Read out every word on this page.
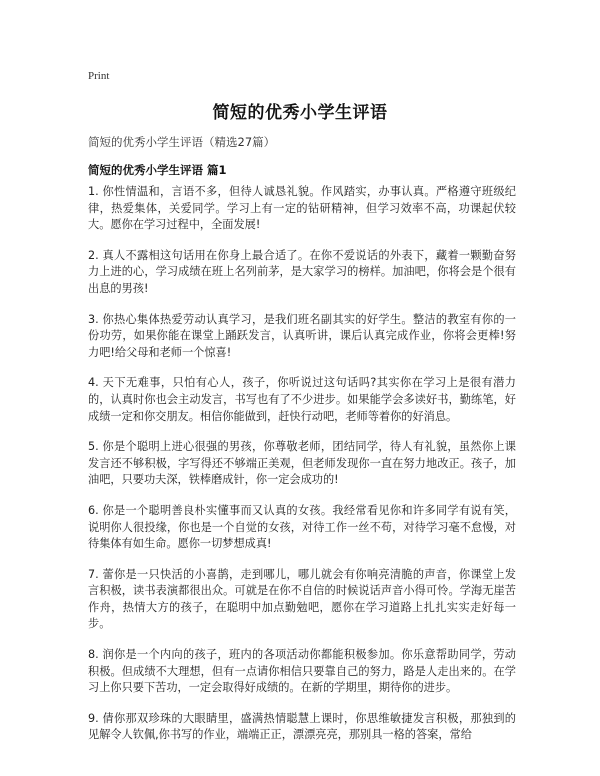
Print
简短的优秀小学生评语
简短的优秀小学生评语（精选27篇）
简短的优秀小学生评语 篇1

1. 你性情温和，言语不多，但待人诚恳礼貌。作风踏实，办事认真。严格遵守班级纪律，热爱集体，关爱同学。学习上有一定的钻研精神，但学习效率不高，功课起伏较大。愿你在学习过程中，全面发展!

2. 真人不露相这句话用在你身上最合适了。在你不爱说话的外表下，藏着一颗勤奋努力上进的心，学习成绩在班上名列前茅，是大家学习的榜样。加油吧，你将会是个很有出息的男孩!

3. 你热心集体热爱劳动认真学习，是我们班名副其实的好学生。整洁的教室有你的一份功劳，如果你能在课堂上踊跃发言，认真听讲，课后认真完成作业，你将会更棒!努力吧!给父母和老师一个惊喜!

4. 天下无难事，只怕有心人，孩子，你听说过这句话吗?其实你在学习上是很有潜力的，认真时你也会主动发言，书写也有了不少进步。如果能学会多读好书，勤练笔，好成绩一定和你交朋友。相信你能做到，赶快行动吧，老师等着你的好消息。

5. 你是个聪明上进心很强的男孩，你尊敬老师，团结同学，待人有礼貌，虽然你上课发言还不够积极，字写得还不够端正美观，但老师发现你一直在努力地改正。孩子，加油吧，只要功夫深，铁棒磨成针，你一定会成功的!

6. 你是一个聪明善良朴实懂事而又认真的女孩。我经常看见你和许多同学有说有笑，说明你人很投缘，你也是一个自觉的女孩，对待工作一丝不苟，对待学习毫不怠慢，对待集体有如生命。愿你一切梦想成真!

7. 蕾你是一只快活的小喜鹊，走到哪儿，哪儿就会有你响亮清脆的声音，你课堂上发言积极，读书表演都很出众。可就是在你不自信的时候说话声音小得可怜。学海无崖苦作舟，热情大方的孩子，在聪明中加点勤勉吧，愿你在学习道路上扎扎实实走好每一步。

8. 润你是一个内向的孩子，班内的各项活动你都能积极参加。你乐意帮助同学，劳动积极。但成绩不大理想，但有一点请你相信只要靠自己的努力，路是人走出来的。在学习上你只要下苦功，一定会取得好成绩的。在新的学期里，期待你的进步。

9. 倩你那双珍珠的大眼睛里，盛满热情聪慧上课时，你思维敏捷发言积极，那独到的见解令人钦佩,你书写的作业，端端正正，漂漂亮亮，那别具一格的答案，常给
